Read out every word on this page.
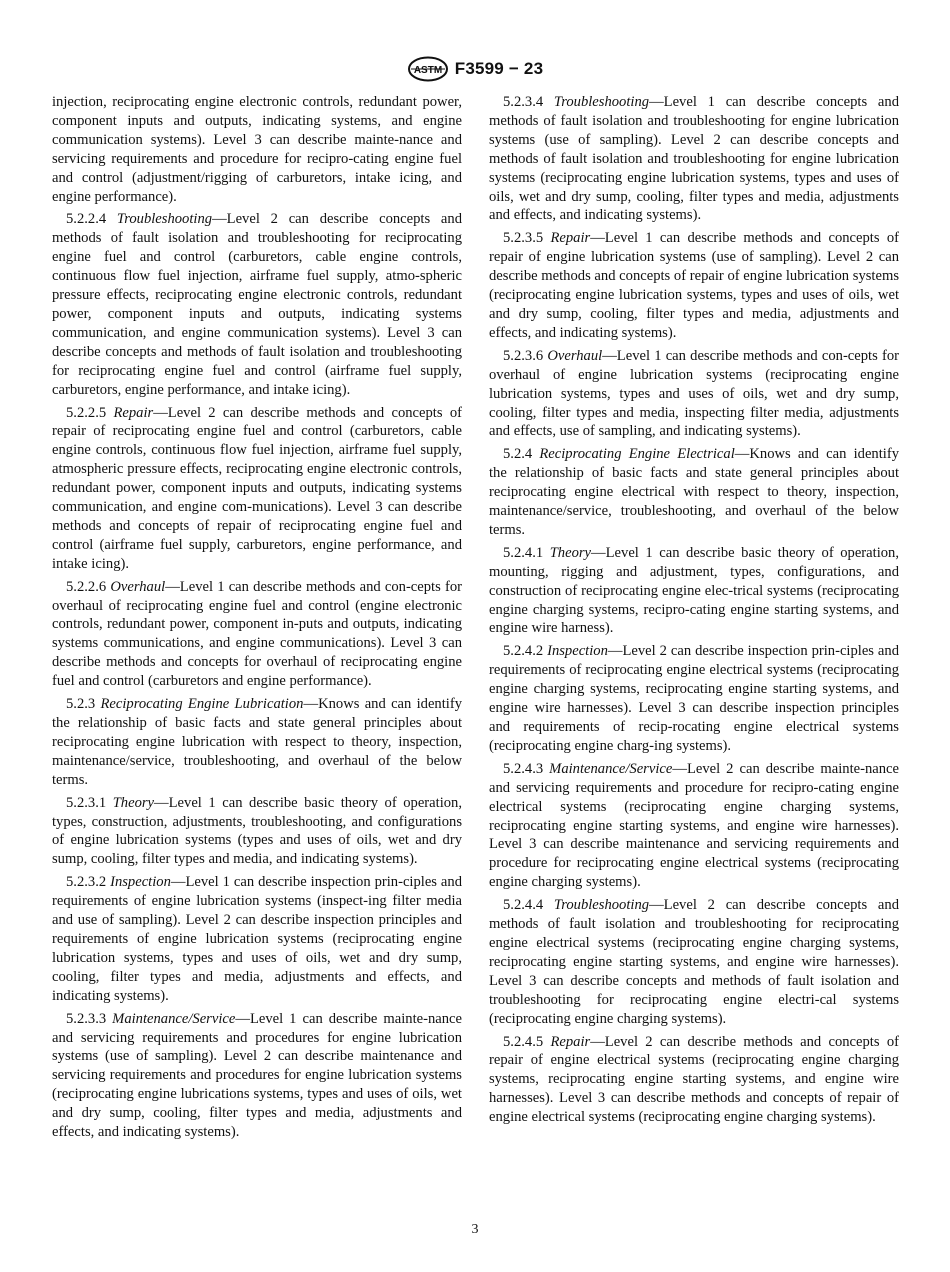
ASTM F3599 − 23

injection, reciprocating engine electronic controls, redundant power, component inputs and outputs, indicating systems, and engine communication systems). Level 3 can describe mainte-nance and servicing requirements and procedure for recipro-cating engine fuel and control (adjustment/rigging of carburetors, intake icing, and engine performance).

5.2.2.4 Troubleshooting—Level 2 can describe concepts and methods of fault isolation and troubleshooting for reciprocating engine fuel and control (carburetors, cable engine controls, continuous flow fuel injection, airframe fuel supply, atmo-spheric pressure effects, reciprocating engine electronic controls, redundant power, component inputs and outputs, indicating systems communication, and engine communication systems). Level 3 can describe concepts and methods of fault isolation and troubleshooting for reciprocating engine fuel and control (airframe fuel supply, carburetors, engine performance, and intake icing).

5.2.2.5 Repair—Level 2 can describe methods and concepts of repair of reciprocating engine fuel and control (carburetors, cable engine controls, continuous flow fuel injection, airframe fuel supply, atmospheric pressure effects, reciprocating engine electronic controls, redundant power, component inputs and outputs, indicating systems communication, and engine com-munications). Level 3 can describe methods and concepts of repair of reciprocating engine fuel and control (airframe fuel supply, carburetors, engine performance, and intake icing).

5.2.2.6 Overhaul—Level 1 can describe methods and con-cepts for overhaul of reciprocating engine fuel and control (engine electronic controls, redundant power, component in-puts and outputs, indicating systems communications, and engine communications). Level 3 can describe methods and concepts for overhaul of reciprocating engine fuel and control (carburetors and engine performance).

5.2.3 Reciprocating Engine Lubrication—Knows and can identify the relationship of basic facts and state general principles about reciprocating engine lubrication with respect to theory, inspection, maintenance/service, troubleshooting, and overhaul of the below terms.

5.2.3.1 Theory—Level 1 can describe basic theory of operation, types, construction, adjustments, troubleshooting, and configurations of engine lubrication systems (types and uses of oils, wet and dry sump, cooling, filter types and media, and indicating systems).

5.2.3.2 Inspection—Level 1 can describe inspection prin-ciples and requirements of engine lubrication systems (inspect-ing filter media and use of sampling). Level 2 can describe inspection principles and requirements of engine lubrication systems (reciprocating engine lubrication systems, types and uses of oils, wet and dry sump, cooling, filter types and media, adjustments and effects, and indicating systems).

5.2.3.3 Maintenance/Service—Level 1 can describe mainte-nance and servicing requirements and procedures for engine lubrication systems (use of sampling). Level 2 can describe maintenance and servicing requirements and procedures for engine lubrication systems (reciprocating engine lubrications systems, types and uses of oils, wet and dry sump, cooling, filter types and media, adjustments and effects, and indicating systems).

5.2.3.4 Troubleshooting—Level 1 can describe concepts and methods of fault isolation and troubleshooting for engine lubrication systems (use of sampling). Level 2 can describe concepts and methods of fault isolation and troubleshooting for engine lubrication systems (reciprocating engine lubrication systems, types and uses of oils, wet and dry sump, cooling, filter types and media, adjustments and effects, and indicating systems).

5.2.3.5 Repair—Level 1 can describe methods and concepts of repair of engine lubrication systems (use of sampling). Level 2 can describe methods and concepts of repair of engine lubrication systems (reciprocating engine lubrication systems, types and uses of oils, wet and dry sump, cooling, filter types and media, adjustments and effects, and indicating systems).

5.2.3.6 Overhaul—Level 1 can describe methods and con-cepts for overhaul of engine lubrication systems (reciprocating engine lubrication systems, types and uses of oils, wet and dry sump, cooling, filter types and media, inspecting filter media, adjustments and effects, use of sampling, and indicating systems).

5.2.4 Reciprocating Engine Electrical—Knows and can identify the relationship of basic facts and state general principles about reciprocating engine electrical with respect to theory, inspection, maintenance/service, troubleshooting, and overhaul of the below terms.

5.2.4.1 Theory—Level 1 can describe basic theory of operation, mounting, rigging and adjustment, types, configurations, and construction of reciprocating engine elec-trical systems (reciprocating engine charging systems, recipro-cating engine starting systems, and engine wire harness).

5.2.4.2 Inspection—Level 2 can describe inspection prin-ciples and requirements of reciprocating engine electrical systems (reciprocating engine charging systems, reciprocating engine starting systems, and engine wire harnesses). Level 3 can describe inspection principles and requirements of recip-rocating engine electrical systems (reciprocating engine charg-ing systems).

5.2.4.3 Maintenance/Service—Level 2 can describe mainte-nance and servicing requirements and procedure for recipro-cating engine electrical systems (reciprocating engine charging systems, reciprocating engine starting systems, and engine wire harnesses). Level 3 can describe maintenance and servicing requirements and procedure for reciprocating engine electrical systems (reciprocating engine charging systems).

5.2.4.4 Troubleshooting—Level 2 can describe concepts and methods of fault isolation and troubleshooting for reciprocating engine electrical systems (reciprocating engine charging systems, reciprocating engine starting systems, and engine wire harnesses). Level 3 can describe concepts and methods of fault isolation and troubleshooting for reciprocating engine electri-cal systems (reciprocating engine charging systems).

5.2.4.5 Repair—Level 2 can describe methods and concepts of repair of engine electrical systems (reciprocating engine charging systems, reciprocating engine starting systems, and engine wire harnesses). Level 3 can describe methods and concepts of repair of engine electrical systems (reciprocating engine charging systems).

3
